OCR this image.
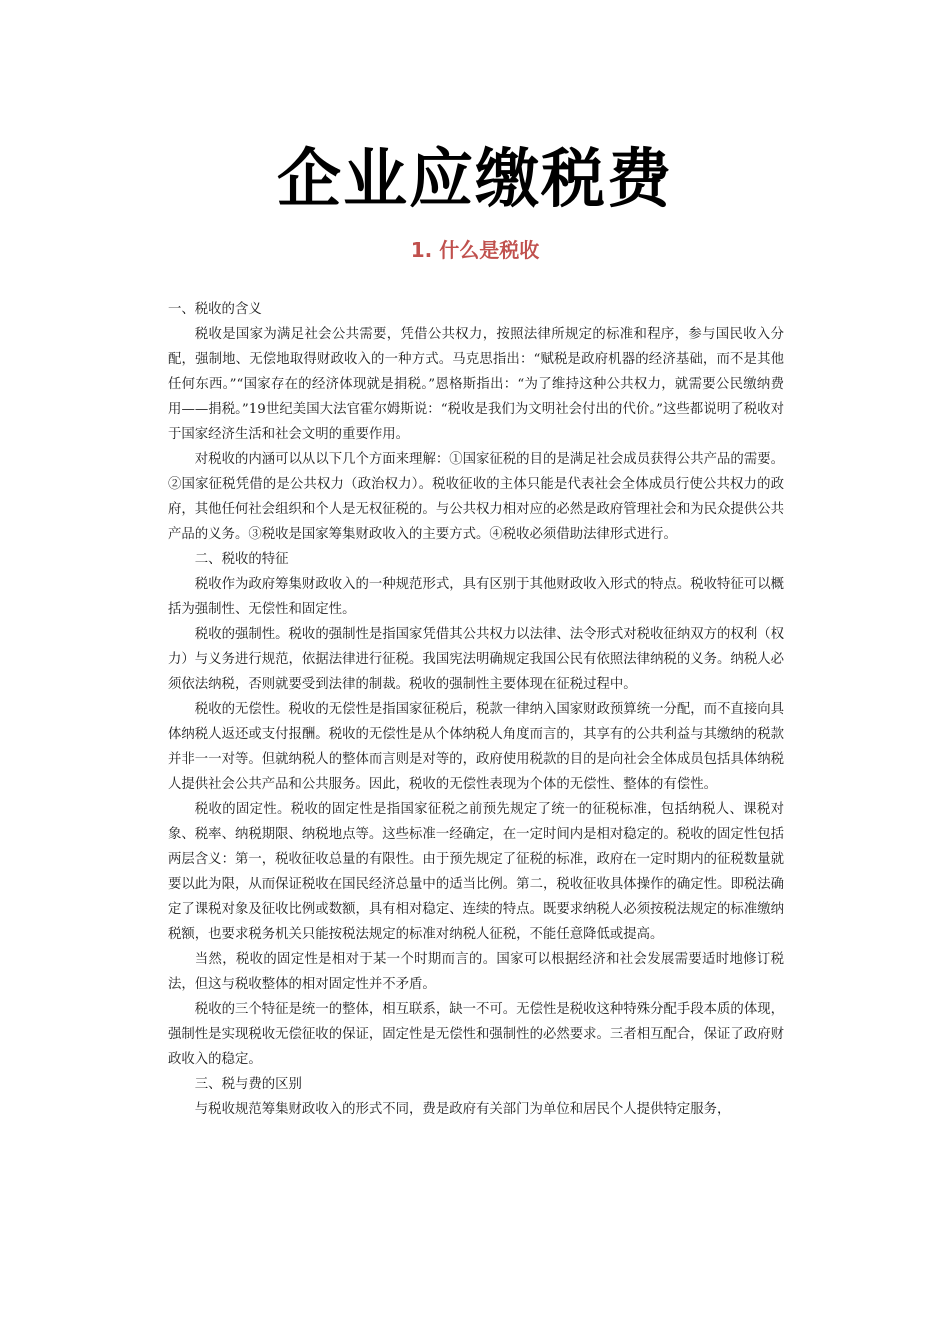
企业应缴税费
1. 什么是税收

一、税收的含义

税收是国家为满足社会公共需要，凭借公共权力，按照法律所规定的标准和程序，参与国民收入分配，强制地、无偿地取得财政收入的一种方式。马克思指出：“赋税是政府机器的经济基础，而不是其他任何东西。”“国家存在的经济体现就是捐税。”恩格斯指出：“为了维持这种公共权力，就需要公民缴纳费用——捐税。”19世纪美国大法官霍尔姆斯说：“税收是我们为文明社会付出的代价。”这些都说明了税收对于国家经济生活和社会文明的重要作用。

对税收的内涵可以从以下几个方面来理解：①国家征税的目的是满足社会成员获得公共产品的需要。②国家征税凭借的是公共权力（政治权力）。税收征收的主体只能是代表社会全体成员行使公共权力的政府，其他任何社会组织和个人是无权征税的。与公共权力相对应的必然是政府管理社会和为民众提供公共产品的义务。③税收是国家筹集财政收入的主要方式。④税收必须借助法律形式进行。

二、税收的特征

税收作为政府筹集财政收入的一种规范形式，具有区别于其他财政收入形式的特点。税收特征可以概括为强制性、无偿性和固定性。

税收的强制性。税收的强制性是指国家凭借其公共权力以法律、法令形式对税收征纳双方的权利（权力）与义务进行规范，依据法律进行征税。我国宪法明确规定我国公民有依照法律纳税的义务。纳税人必须依法纳税，否则就要受到法律的制裁。税收的强制性主要体现在征税过程中。

税收的无偿性。税收的无偿性是指国家征税后，税款一律纳入国家财政预算统一分配，而不直接向具体纳税人返还或支付报酬。税收的无偿性是从个体纳税人角度而言的，其享有的公共利益与其缴纳的税款并非一一对等。但就纳税人的整体而言则是对等的，政府使用税款的目的是向社会全体成员包括具体纳税人提供社会公共产品和公共服务。因此，税收的无偿性表现为个体的无偿性、整体的有偿性。

税收的固定性。税收的固定性是指国家征税之前预先规定了统一的征税标准，包括纳税人、课税对象、税率、纳税期限、纳税地点等。这些标准一经确定，在一定时间内是相对稳定的。税收的固定性包括两层含义：第一，税收征收总量的有限性。由于预先规定了征税的标准，政府在一定时期内的征税数量就要以此为限，从而保证税收在国民经济总量中的适当比例。第二，税收征收具体操作的确定性。即税法确定了课税对象及征收比例或数额，具有相对稳定、连续的特点。既要求纳税人必须按税法规定的标准缴纳税额，也要求税务机关只能按税法规定的标准对纳税人征税，不能任意降低或提高。

当然，税收的固定性是相对于某一个时期而言的。国家可以根据经济和社会发展需要适时地修订税法，但这与税收整体的相对固定性并不矛盾。

税收的三个特征是统一的整体，相互联系，缺一不可。无偿性是税收这种特殊分配手段本质的体现，强制性是实现税收无偿征收的保证，固定性是无偿性和强制性的必然要求。三者相互配合，保证了政府财政收入的稳定。

三、税与费的区别

与税收规范筹集财政收入的形式不同，费是政府有关部门为单位和居民个人提供特定服务，
